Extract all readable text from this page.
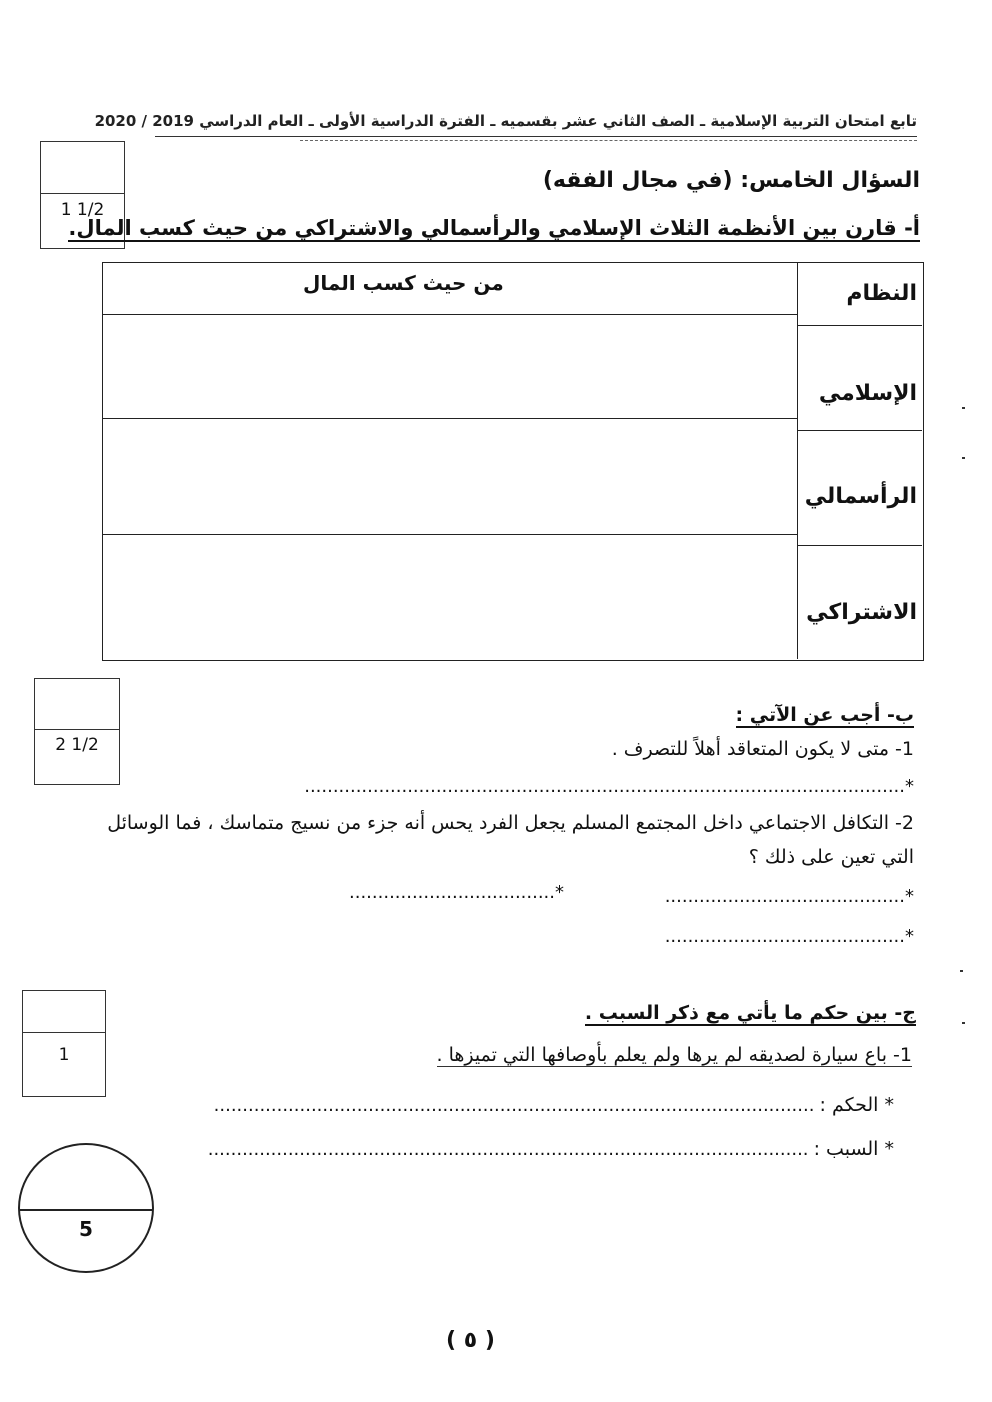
تابع امتحان التربية الإسلامية ـ الصف الثاني عشر بقسميه ـ الفترة الدراسية الأولى ـ العام الدراسي 2019 / 2020
1 1/2
السؤال الخامس: (في مجال الفقه)
أ- قارن بين الأنظمة الثلاث الإسلامي والرأسمالي والاشتراكي من حيث كسب المال.
النظام
من حيث كسب المال
الإسلامي
الرأسمالي
الاشتراكي
2 1/2
ب- أجب عن الآتي :
1- متى لا يكون المتعاقد أهلاً للتصرف .
*.........................................................................................................
2- التكافل الاجتماعي داخل المجتمع المسلم يجعل الفرد يحس أنه جزء من نسيج متماسك ، فما الوسائل
التي تعين على ذلك ؟
*..........................................
*....................................
*..........................................
1
ج- بين حكم ما يأتي مع ذكر السبب .
1- باع سيارة لصديقه لم يرها ولم يعلم بأوصافها التي تميزها .
* الحكم : .........................................................................................................
* السبب : .........................................................................................................
5
( ٥ )
